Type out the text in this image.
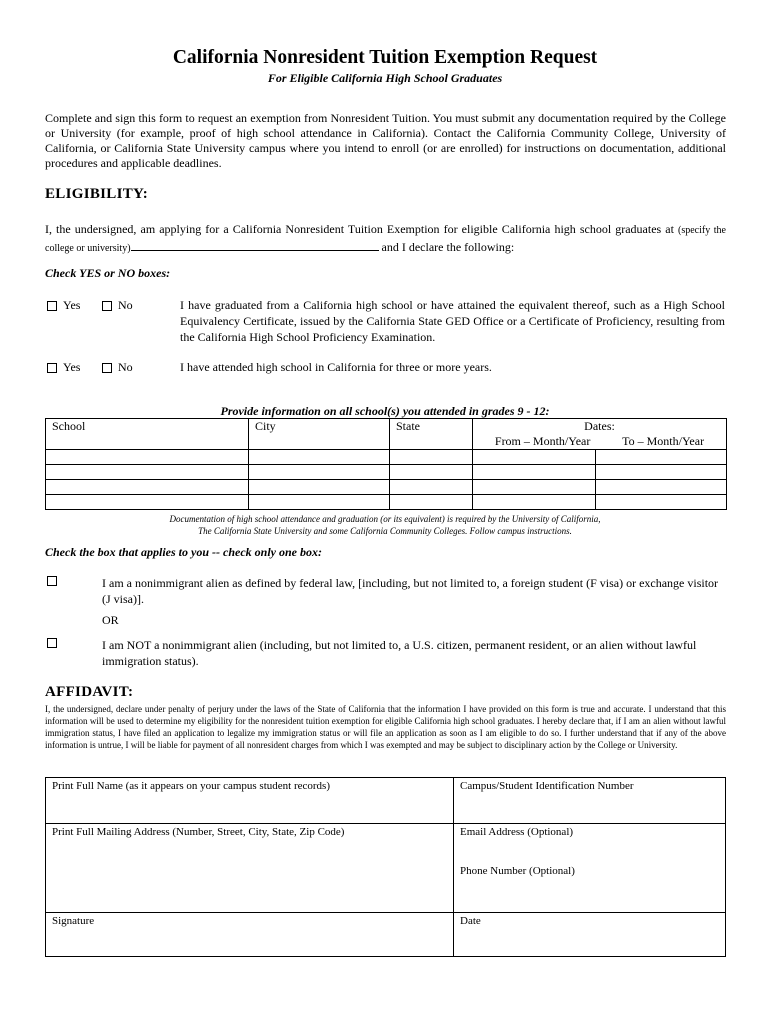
California Nonresident Tuition Exemption Request
For Eligible California High School Graduates
Complete and sign this form to request an exemption from Nonresident Tuition. You must submit any documentation required by the College or University (for example, proof of high school attendance in California). Contact the California Community College, University of California, or California State University campus where you intend to enroll (or are enrolled) for instructions on documentation, additional procedures and applicable deadlines.
ELIGIBILITY:
I, the undersigned, am applying for a California Nonresident Tuition Exemption for eligible California high school graduates at (specify the college or university)	and I declare the following:
Check YES or NO boxes:
Yes	No	I have graduated from a California high school or have attained the equivalent thereof, such as a High School Equivalency Certificate, issued by the California State GED Office or a Certificate of Proficiency, resulting from the California High School Proficiency Examination.
Yes	No	I have attended high school in California for three or more years.
Provide information on all school(s) you attended in grades 9 - 12:
School	City	State	Dates:
From – Month/Year To – Month/Year	

Documentation of high school attendance and graduation (or its equivalent) is required by the University of California,
The California State University and some California Community Colleges. Follow campus instructions.
Check the box that applies to you -- check only one box:
I am a nonimmigrant alien as defined by federal law, [including, but not limited to, a foreign student (F visa) or exchange visitor (J visa)].
OR
I am NOT a nonimmigrant alien (including, but not limited to, a U.S. citizen, permanent resident, or an alien without lawful immigration status).
AFFIDAVIT:
I, the undersigned, declare under penalty of perjury under the laws of the State of California that the information I have provided on this form is true and accurate. I understand that this information will be used to determine my eligibility for the nonresident tuition exemption for eligible California high school graduates. I hereby declare that, if I am an alien without lawful immigration status, I have filed an application to legalize my immigration status or will file an application as soon as I am eligible to do so. I further understand that if any of the above information is untrue, I will be liable for payment of all nonresident charges from which I was exempted and may be subject to disciplinary action by the College or University.
Print Full Name (as it appears on your campus student records)	Campus/Student Identification Number
Print Full Mailing Address (Number, Street, City, State, Zip Code)	Email Address (Optional)
Phone Number (Optional)

Signature	Date
